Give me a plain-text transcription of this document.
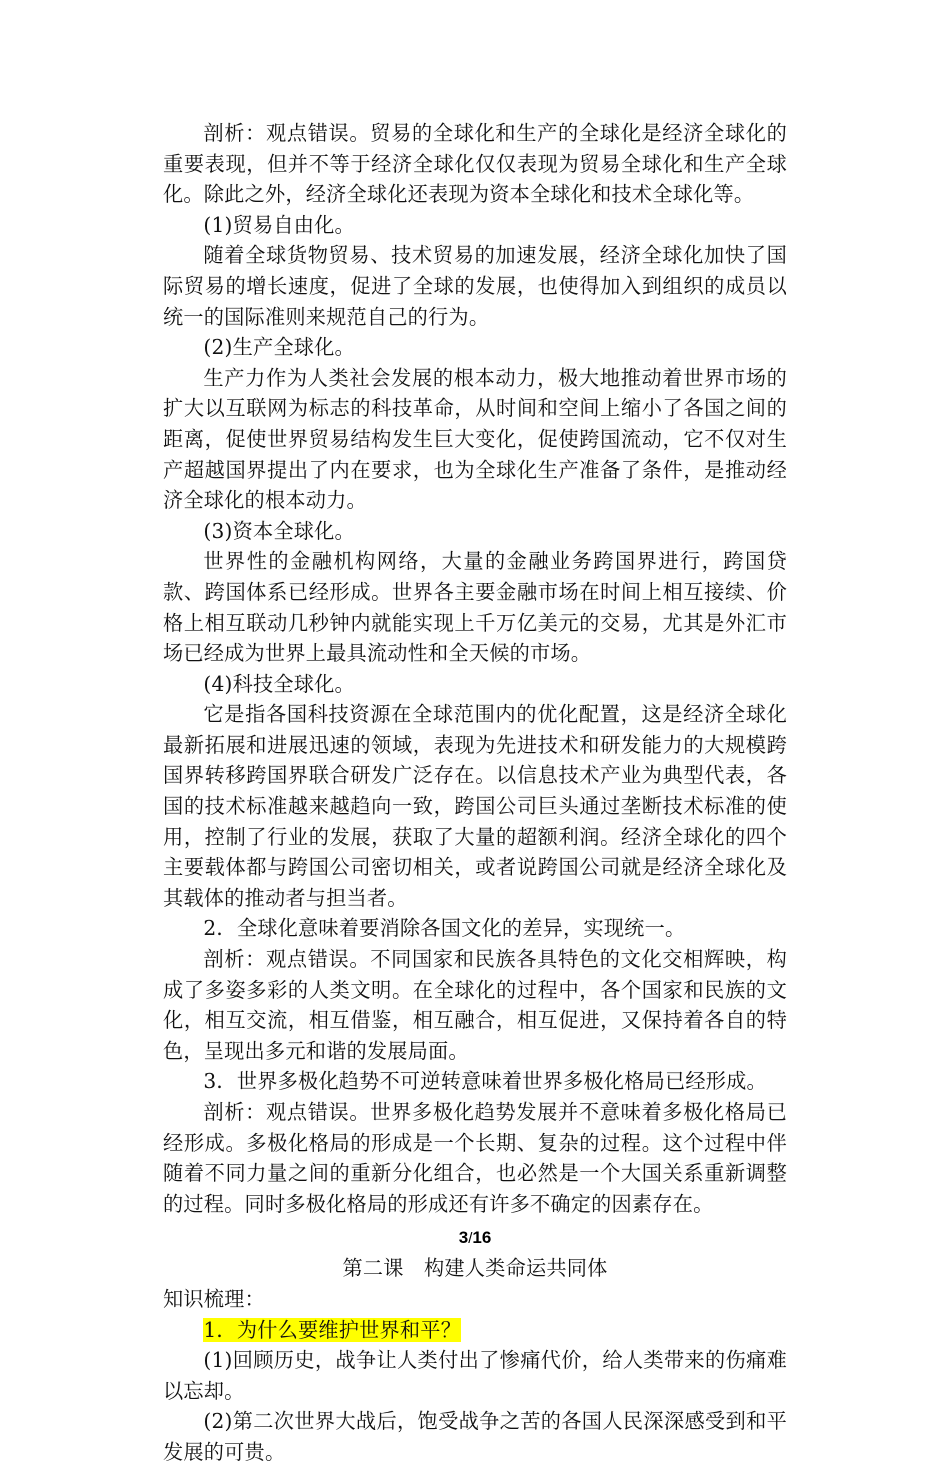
剖析：观点错误。贸易的全球化和生产的全球化是经济全球化的重要表现，但并不等于经济全球化仅仅表现为贸易全球化和生产全球化。除此之外，经济全球化还表现为资本全球化和技术全球化等。

(1)贸易自由化。

随着全球货物贸易、技术贸易的加速发展，经济全球化加快了国际贸易的增长速度，促进了全球的发展，也使得加入到组织的成员以统一的国际准则来规范自己的行为。

(2)生产全球化。

生产力作为人类社会发展的根本动力，极大地推动着世界市场的扩大以互联网为标志的科技革命，从时间和空间上缩小了各国之间的距离，促使世界贸易结构发生巨大变化，促使跨国流动，它不仅对生产超越国界提出了内在要求，也为全球化生产准备了条件，是推动经济全球化的根本动力。

(3)资本全球化。

世界性的金融机构网络，大量的金融业务跨国界进行，跨国贷款、跨国体系已经形成。世界各主要金融市场在时间上相互接续、价格上相互联动几秒钟内就能实现上千万亿美元的交易，尤其是外汇市场已经成为世界上最具流动性和全天候的市场。

(4)科技全球化。

它是指各国科技资源在全球范围内的优化配置，这是经济全球化最新拓展和进展迅速的领域，表现为先进技术和研发能力的大规模跨国界转移跨国界联合研发广泛存在。以信息技术产业为典型代表，各国的技术标准越来越趋向一致，跨国公司巨头通过垄断技术标准的使用，控制了行业的发展，获取了大量的超额利润。经济全球化的四个主要载体都与跨国公司密切相关，或者说跨国公司就是经济全球化及其载体的推动者与担当者。

2．全球化意味着要消除各国文化的差异，实现统一。

剖析：观点错误。不同国家和民族各具特色的文化交相辉映，构成了多姿多彩的人类文明。在全球化的过程中，各个国家和民族的文化，相互交流，相互借鉴，相互融合，相互促进，又保持着各自的特色，呈现出多元和谐的发展局面。

3．世界多极化趋势不可逆转意味着世界多极化格局已经形成。

剖析：观点错误。世界多极化趋势发展并不意味着多极化格局已经形成。多极化格局的形成是一个长期、复杂的过程。这个过程中伴随着不同力量之间的重新分化组合，也必然是一个大国关系重新调整的过程。同时多极化格局的形成还有许多不确定的因素存在。

第二课　构建人类命运共同体

知识梳理：

1．为什么要维护世界和平？

(1)回顾历史，战争让人类付出了惨痛代价，给人类带来的伤痛难以忘却。

(2)第二次世界大战后，饱受战争之苦的各国人民深深感受到和平发展的可贵。

3/16
